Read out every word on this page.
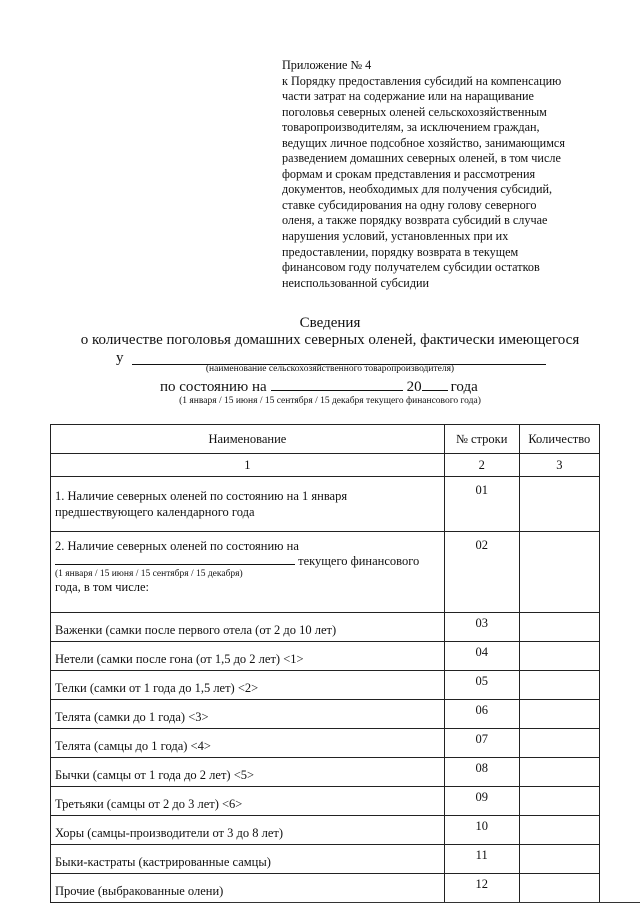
Приложение № 4
к Порядку предоставления субсидий на компенсацию
части затрат на содержание или на наращивание
поголовья северных оленей сельскохозяйственным
товаропроизводителям, за исключением граждан,
ведущих личное подсобное хозяйство, занимающимся
разведением домашних северных оленей, в том числе
формам и срокам представления и рассмотрения
документов, необходимых для получения субсидий,
ставке субсидирования на одну голову северного
оленя, а также порядку возврата субсидий в случае
нарушения условий, установленных при их
предоставлении, порядку возврата в текущем
финансовом году получателем субсидии остатков
неиспользованной субсидии
Сведения
о количестве поголовья домашних северных оленей, фактически имеющегося
у
(наименование сельскохозяйственного товаропроизводителя)
по состоянию на	20 года
(1 января / 15 июня / 15 сентября / 15 декабря текущего финансового года)
Наименование	№ строки	Количество
1	2	3

1. Наличие северных оленей по состоянию на 1 января
предшествующего календарного года	01	

2. Наличие северных оленей по состоянию на
текущего финансового
(1 января / 15 июня / 15 сентября / 15 декабря)
года, в том числе:	02	
Важенки (самки после первого отела (от 2 до 10 лет)	03	
Нетели (самки после гона (от 1,5 до 2 лет) <1>	04	
Телки (самки от 1 года до 1,5 лет) <2>	05	
Телята (самки до 1 года) <3>	06	
Телята (самцы до 1 года) <4>	07	
Бычки (самцы от 1 года до 2 лет) <5>	08	
Третьяки (самцы от 2 до 3 лет) <6>	09	
Хоры (самцы-производители от 3 до 8 лет)	10	
Быки-кастраты (кастрированные самцы)	11	
Прочие (выбракованные олени)	12	
